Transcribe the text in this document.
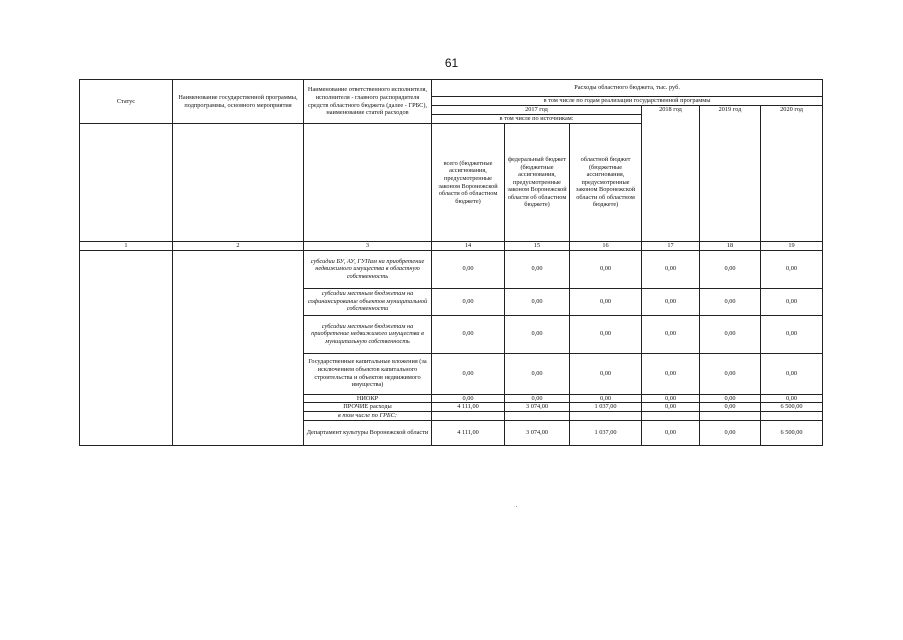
61
Статус	Наименование государственной программы, подпрограммы, основного мероприятия	Наименование ответственного исполнителя, исполнителя - главного распорядителя средств областного бюджета (далее - ГРБС), наименование статей расходов	Расходы областного бюджета, тыс. руб.					
			в том числе по годам реализации государственной программы					
			2017 год			2018 год	2019 год	2020 год
			в том числе по источникам:					
			всего (бюджетные ассигнования, предусмотренные законом Воронежской области об областном бюджете)	федеральный бюджет (бюджетные ассигнования, предусмотренные законом Воронежской области об областном бюджете)	областной бюджет (бюджетные ассигнования, предусмотренные законом Воронежской области об областном бюджете)			
1	2	3	14	15	16	17	18	19
		субсидии БУ, АУ, ГУПам на приобретение недвижимого имущества в областную собственность	0,00	0,00	0,00	0,00	0,00	0,00
		субсидии местным бюджетам на софинансирование объектов муниципальной собственности	0,00	0,00	0,00	0,00	0,00	0,00
		субсидии местным бюджетам на приобретение недвижимого имущества в муниципальную собственность	0,00	0,00	0,00	0,00	0,00	0,00
		Государственные капитальные вложения (за исключением объектов капитального строительства и объектов недвижимого имущества)	0,00	0,00	0,00	0,00	0,00	0,00
		НИОКР	0,00	0,00	0,00	0,00	0,00	0,00
		ПРОЧИЕ расходы	4 111,00	3 074,00	1 037,00	0,00	0,00	6 500,00
		в том числе по ГРБС:						
		Департамент культуры Воронежской области	4 111,00	3 074,00	1 037,00	0,00	0,00	6 500,00
